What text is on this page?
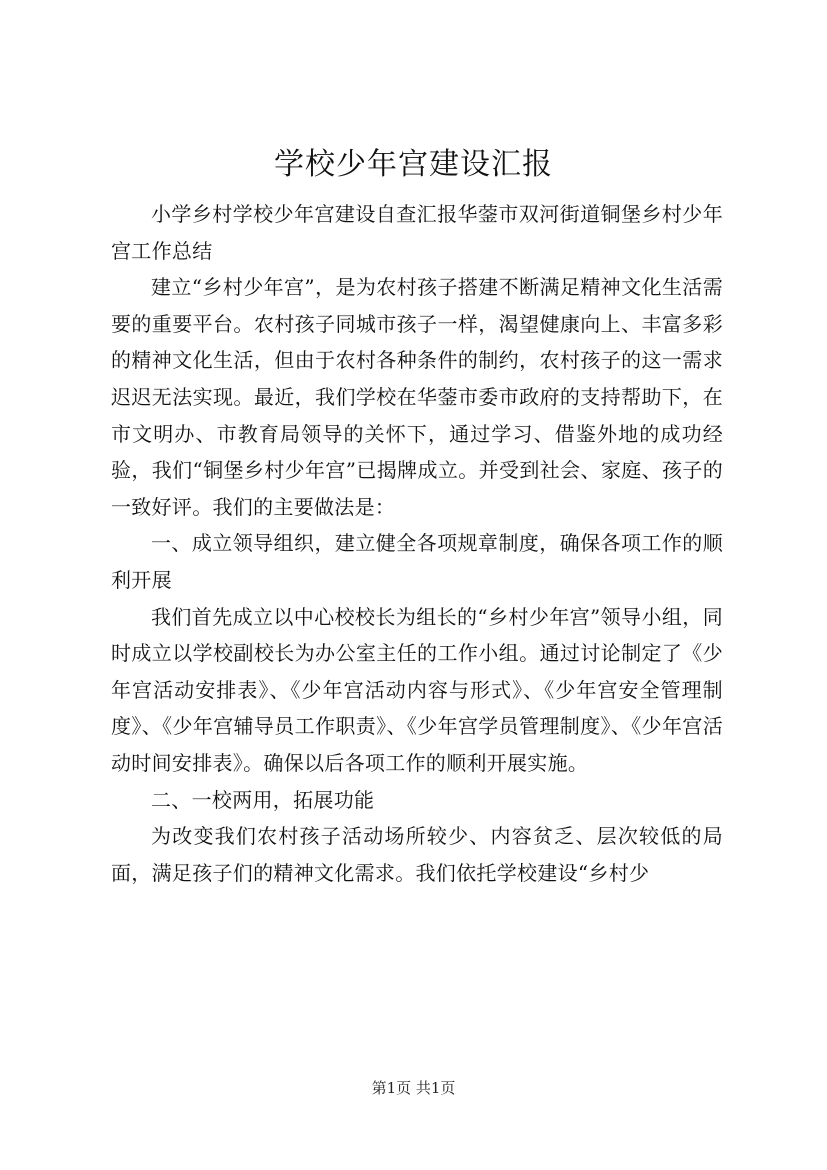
学校少年宫建设汇报

小学乡村学校少年宫建设自查汇报华蓥市双河街道铜堡乡村少年宫工作总结

建立“乡村少年宫”，是为农村孩子搭建不断满足精神文化生活需要的重要平台。农村孩子同城市孩子一样，渴望健康向上、丰富多彩的精神文化生活，但由于农村各种条件的制约，农村孩子的这一需求迟迟无法实现。最近，我们学校在华蓥市委市政府的支持帮助下，在市文明办、市教育局领导的关怀下，通过学习、借鉴外地的成功经验，我们“铜堡乡村少年宫”已揭牌成立。并受到社会、家庭、孩子的一致好评。我们的主要做法是：

一、成立领导组织，建立健全各项规章制度，确保各项工作的顺利开展

我们首先成立以中心校校长为组长的“乡村少年宫”领导小组，同时成立以学校副校长为办公室主任的工作小组。通过讨论制定了《少年宫活动安排表》、《少年宫活动内容与形式》、《少年宫安全管理制度》、《少年宫辅导员工作职责》、《少年宫学员管理制度》、《少年宫活动时间安排表》。确保以后各项工作的顺利开展实施。

二、一校两用，拓展功能

为改变我们农村孩子活动场所较少、内容贫乏、层次较低的局面，满足孩子们的精神文化需求。我们依托学校建设“乡村少

第1页 共1页
